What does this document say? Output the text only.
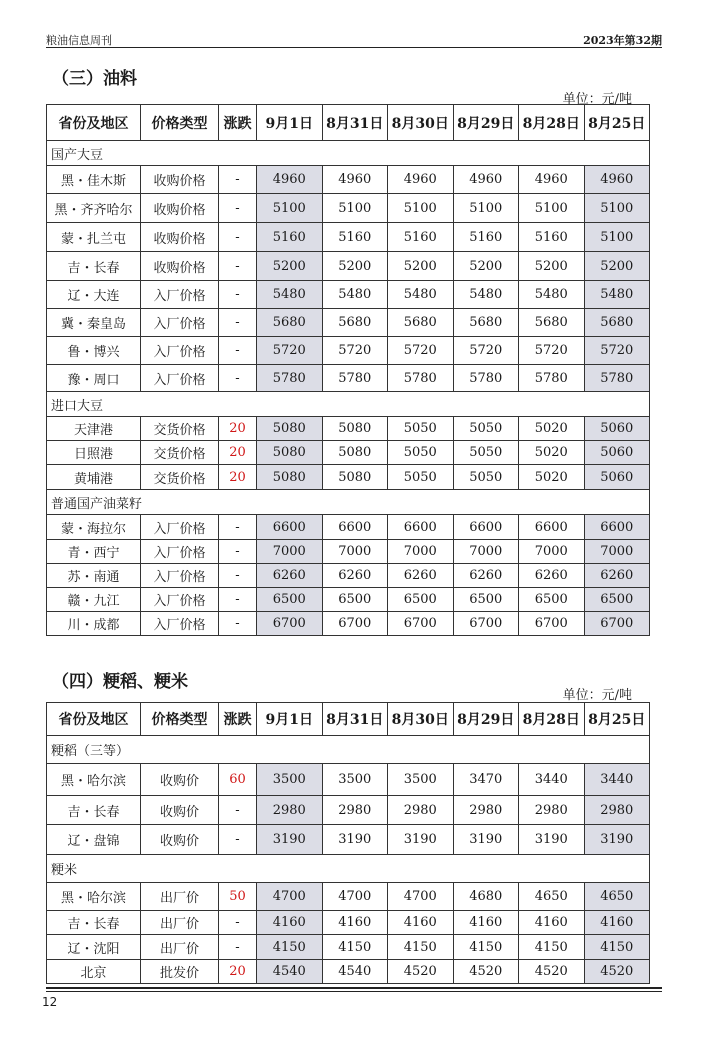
粮油信息周刊	2023年第32期
（三）油料
单位：元/吨
省份及地区	价格类型	涨跌	9月1日	8月31日	8月30日	8月29日	8月28日	8月25日
国产大豆								
黑・佳木斯	收购价格	-	4960	4960	4960	4960	4960	4960
黑・齐齐哈尔	收购价格	-	5100	5100	5100	5100	5100	5100
蒙・扎兰屯	收购价格	-	5160	5160	5160	5160	5160	5100
吉・长春	收购价格	-	5200	5200	5200	5200	5200	5200
辽・大连	入厂价格	-	5480	5480	5480	5480	5480	5480
冀・秦皇岛	入厂价格	-	5680	5680	5680	5680	5680	5680
鲁・博兴	入厂价格	-	5720	5720	5720	5720	5720	5720
豫・周口	入厂价格	-	5780	5780	5780	5780	5780	5780
进口大豆								
天津港	交货价格	20	5080	5080	5050	5050	5020	5060
日照港	交货价格	20	5080	5080	5050	5050	5020	5060
黄埔港	交货价格	20	5080	5080	5050	5050	5020	5060
普通国产油菜籽								
蒙・海拉尔	入厂价格	-	6600	6600	6600	6600	6600	6600
青・西宁	入厂价格	-	7000	7000	7000	7000	7000	7000
苏・南通	入厂价格	-	6260	6260	6260	6260	6260	6260
赣・九江	入厂价格	-	6500	6500	6500	6500	6500	6500
川・成都	入厂价格	-	6700	6700	6700	6700	6700	6700
（四）粳稻、粳米
单位：元/吨
省份及地区	价格类型	涨跌	9月1日	8月31日	8月30日	8月29日	8月28日	8月25日
粳稻（三等）								
黑・哈尔滨	收购价	60	3500	3500	3500	3470	3440	3440
吉・长春	收购价	-	2980	2980	2980	2980	2980	2980
辽・盘锦	收购价	-	3190	3190	3190	3190	3190	3190
粳米								
黑・哈尔滨	出厂价	50	4700	4700	4700	4680	4650	4650
吉・长春	出厂价	-	4160	4160	4160	4160	4160	4160
辽・沈阳	出厂价	-	4150	4150	4150	4150	4150	4150
北京	批发价	20	4540	4540	4520	4520	4520	4520
12
